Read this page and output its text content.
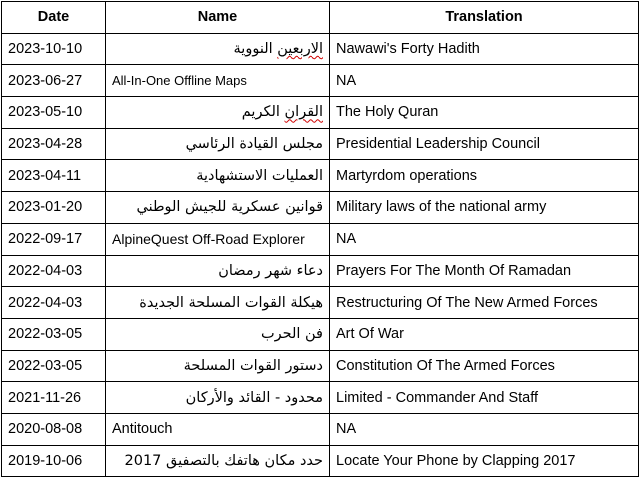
Date	Name	Translation
2023-10-10	الاربعين النووية	Nawawi's Forty Hadith
2023-06-27	All-In-One Offline Maps	NA
2023-05-10	القران الكريم	The Holy Quran
2023-04-28	مجلس القيادة الرئاسي	Presidential Leadership Council
2023-04-11	العمليات الاستشهادية	Martyrdom operations
2023-01-20	قوانين عسكرية للجيش الوطني	Military laws of the national army
2022-09-17	AlpineQuest Off-Road Explorer	NA
2022-04-03	دعاء شهر رمضان	Prayers For The Month Of Ramadan
2022-04-03	هيكلة القوات المسلحة الجديدة	Restructuring Of The New Armed Forces
2022-03-05	فن الحرب	Art Of War
2022-03-05	دستور القوات المسلحة	Constitution Of The Armed Forces
2021-11-26	محدود - القائد والأركان	Limited - Commander And Staff
2020-08-08	Antitouch	NA
2019-10-06	حدد مكان هاتفك بالتصفيق 2017	Locate Your Phone by Clapping 2017
